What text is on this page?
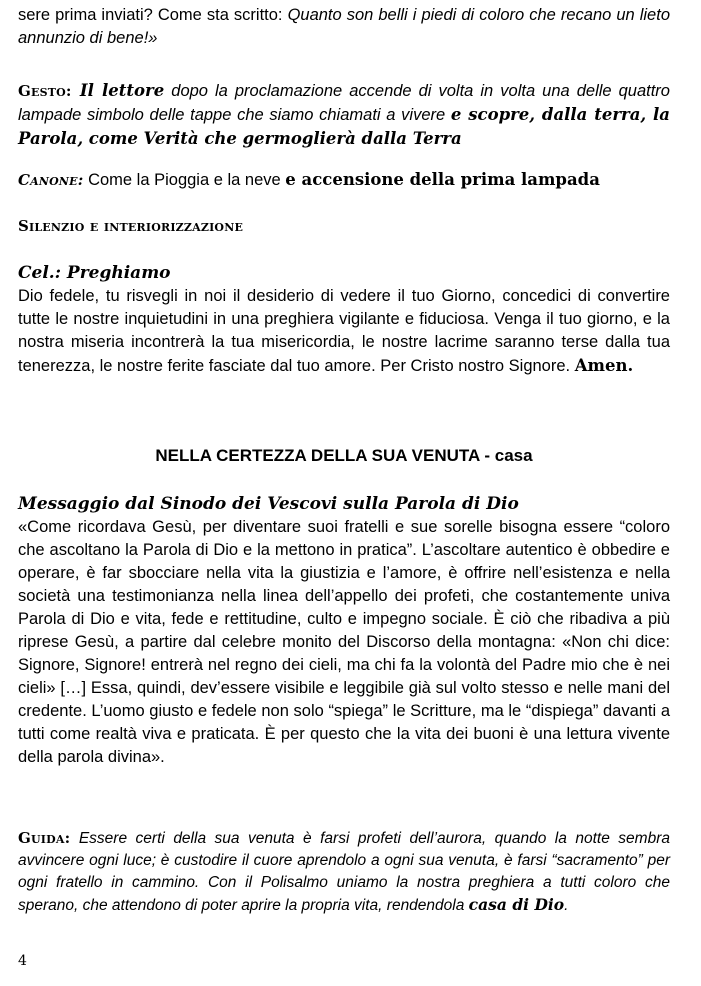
sere prima inviati? Come sta scritto: Quanto son belli i piedi di coloro che recano un lieto annunzio di bene!»

Gesto: Il lettore dopo la proclamazione accende di volta in volta una delle quattro lampade simbolo delle tappe che siamo chiamati a vivere e scopre, dalla terra, la Parola, come Verità che germoglierà dalla Terra

Canone: Come la Pioggia e la neve e accensione della prima lampada

Silenzio e interiorizzazione

Cel.: Preghiamo

Dio fedele, tu risvegli in noi il desiderio di vedere il tuo Giorno, concedici di convertire tutte le nostre inquietudini in una preghiera vigilante e fiduciosa. Venga il tuo giorno, e la nostra miseria incontrerà la tua misericordia, le nostre lacrime saranno terse dalla tua tenerezza, le nostre ferite fasciate dal tuo amore. Per Cristo nostro Signore. Amen.

NELLA CERTEZZA DELLA SUA VENUTA - casa

Messaggio dal Sinodo dei Vescovi sulla Parola di Dio

«Come ricordava Gesù, per diventare suoi fratelli e sue sorelle bisogna essere “coloro che ascoltano la Parola di Dio e la mettono in pratica”. L’ascoltare autentico è obbedire e operare, è far sbocciare nella vita la giustizia e l’amore, è offrire nell’esistenza e nella società una testimonianza nella linea dell’appello dei profeti, che costantemente univa Parola di Dio e vita, fede e rettitudine, culto e impegno sociale. È ciò che ribadiva a più riprese Gesù, a partire dal celebre monito del Discorso della montagna: «Non chi dice: Signore, Signore! entrerà nel regno dei cieli, ma chi fa la volontà del Padre mio che è nei cieli» […] Essa, quindi, dev’essere visibile e leggibile già sul volto stesso e nelle mani del credente. L’uomo giusto e fedele non solo “spiega” le Scritture, ma le “dispiega” davanti a tutti come realtà viva e praticata. È per questo che la vita dei buoni è una lettura vivente della parola divina».

Guida: Essere certi della sua venuta è farsi profeti dell’aurora, quando la notte sembra avvincere ogni luce; è custodire il cuore aprendolo a ogni sua venuta, è farsi “sacramento” per ogni fratello in cammino. Con il Polisalmo uniamo la nostra preghiera a tutti coloro che sperano, che attendono di poter aprire la propria vita, rendendola casa di Dio.

4
